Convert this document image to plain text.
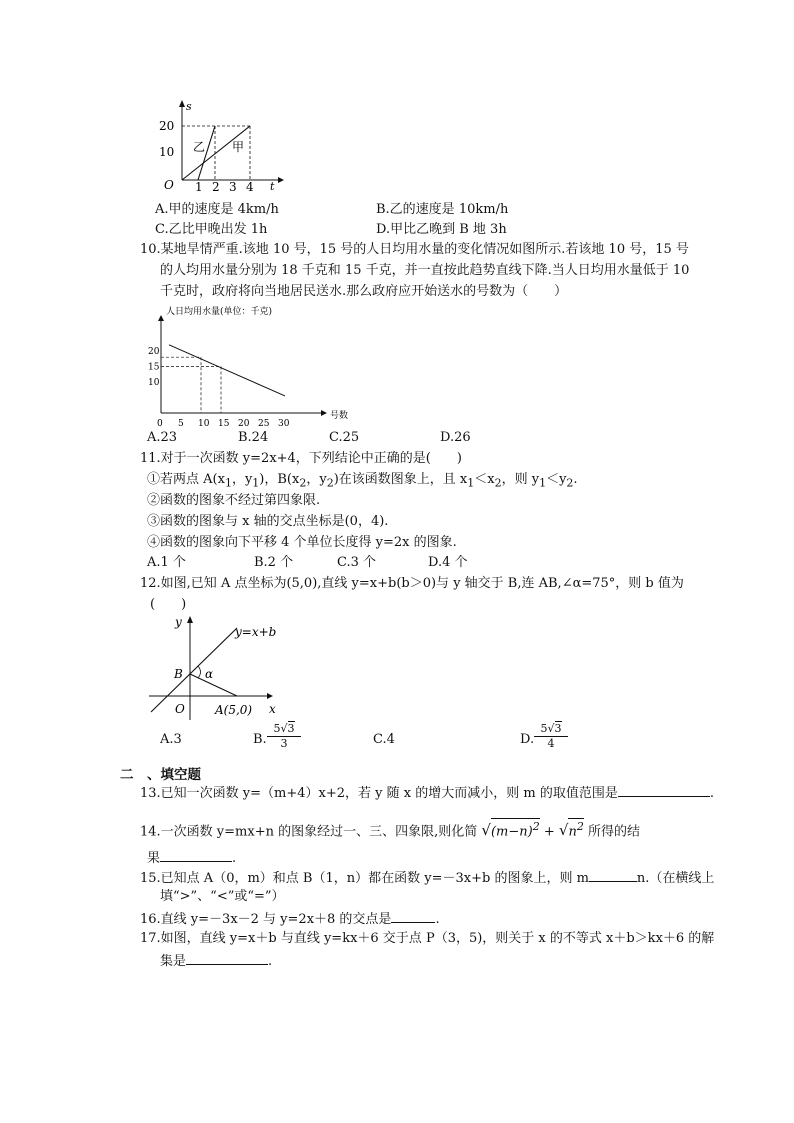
s
t
O
20
10
1 2 3 4
乙 甲
A.甲的速度是 4km/h	B.乙的速度是 10km/h
C.乙比甲晚出发 1h	D.甲比乙晚到 B 地 3h
10.某地旱情严重.该地 10 号，15 号的人日均用水量的变化情况如图所示.若该地 10 号，15 号
的人均用水量分别为 18 千克和 15 千克，并一直按此趋势直线下降.当人日均用水量低于 10
千克时，政府将向当地居民送水.那么政府应开始送水的号数为（　　）
人日均用水量(单位：千克)
号数
0 5 10 15 20 25 30
10
15
20
A.23	B.24	C.25	D.26
11.对于一次函数 y=2x+4，下列结论中正确的是(　　)
①若两点 $A(x_1$，$y_1$)，$B(x_2$，$y_2$)在该函数图象上，且 $x_1<x_2$，则 $y_1<y_2$.
②函数的图象不经过第四象限.
③函数的图象与 x 轴的交点坐标是(0，4).
④函数的图象向下平移 4 个单位长度得 y=2x 的图象.
A.1 个	B.2 个	C.3 个	D.4 个
12.如图,已知 A 点坐标为(5,0),直线 y=x+b(b＞0)与 y 轴交于 B,连 AB,∠α=75°，则 b 值为
(　　)
y
x
O
B α
A(5,0)
y=x+b
A.3	B. $\frac{5√3}{3}$	C.4	D. $\frac{5√3}{4}$
二　、填空题
13.已知一次函数 y=（m+4）x+2，若 y 随 x 的增大而减小，则 m 的取值范围是	.
14.一次函数 y=mx+n 的图象经过一、三、四象限,则化简 $√(m-n)^2 + √n^2$ 所得的结
果	.
15.已知点 A（0，m）和点 B（1，n）都在函数 y=－3x+b 的图象上，则 m	n.（在横线上
填“>”、“<”或“=”）
16.直线 y=－3x－2 与 y=2x＋8 的交点是	.
17.如图，直线 y=x＋b 与直线 y=kx＋6 交于点 P（3，5)，则关于 x 的不等式 x＋b＞kx＋6 的解
集是	.
